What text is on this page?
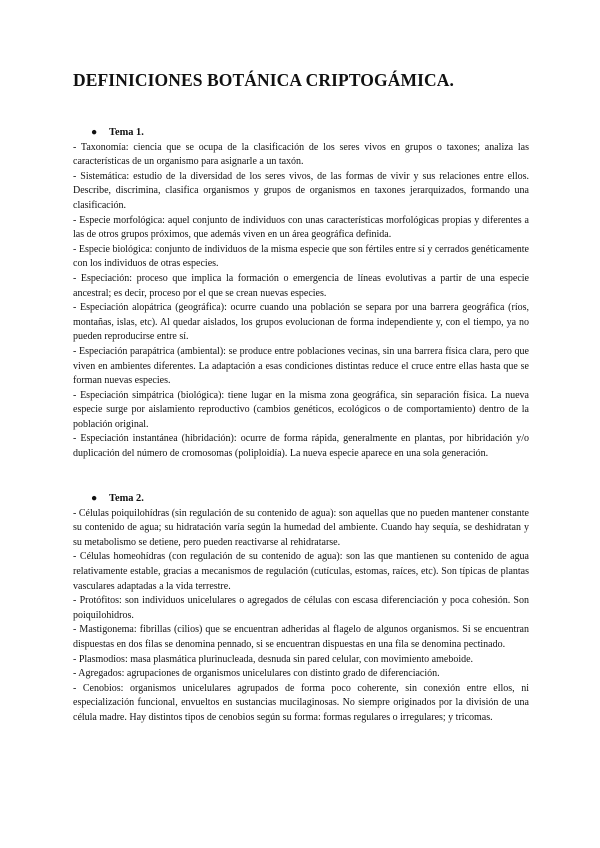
DEFINICIONES BOTÁNICA CRIPTOGÁMICA.
● Tema 1.
- Taxonomía: ciencia que se ocupa de la clasificación de los seres vivos en grupos o taxones; analiza las características de un organismo para asignarle a un taxón.
- Sistemática: estudio de la diversidad de los seres vivos, de las formas de vivir y sus relaciones entre ellos. Describe, discrimina, clasifica organismos y grupos de organismos en taxones jerarquizados, formando una clasificación.
- Especie morfológica: aquel conjunto de individuos con unas características morfológicas propias y diferentes a las de otros grupos próximos, que además viven en un área geográfica definida.
- Especie biológica: conjunto de individuos de la misma especie que son fértiles entre sí y cerrados genéticamente con los individuos de otras especies.
- Especiación: proceso que implica la formación o emergencia de líneas evolutivas a partir de una especie ancestral; es decir, proceso por el que se crean nuevas especies.
- Especiación alopátrica (geográfica): ocurre cuando una población se separa por una barrera geográfica (ríos, montañas, islas, etc). Al quedar aislados, los grupos evolucionan de forma independiente y, con el tiempo, ya no pueden reproducirse entre sí.
- Especiación parapátrica (ambiental): se produce entre poblaciones vecinas, sin una barrera física clara, pero que viven en ambientes diferentes. La adaptación a esas condiciones distintas reduce el cruce entre ellas hasta que se forman nuevas especies.
- Especiación simpátrica (biológica): tiene lugar en la misma zona geográfica, sin separación física. La nueva especie surge por aislamiento reproductivo (cambios genéticos, ecológicos o de comportamiento) dentro de la población original.
- Especiación instantánea (hibridación): ocurre de forma rápida, generalmente en plantas, por hibridación y/o duplicación del número de cromosomas (poliploidía). La nueva especie aparece en una sola generación.
● Tema 2.
- Células poiquilohídras (sin regulación de su contenido de agua): son aquellas que no pueden mantener constante su contenido de agua; su hidratación varía según la humedad del ambiente. Cuando hay sequía, se deshidratan y su metabolismo se detiene, pero pueden reactivarse al rehidratarse.
- Células homeohídras (con regulación de su contenido de agua): son las que mantienen su contenido de agua relativamente estable, gracias a mecanismos de regulación (cutículas, estomas, raíces, etc). Son típicas de plantas vasculares adaptadas a la vida terrestre.
- Protófitos: son individuos unicelulares o agregados de células con escasa diferenciación y poca cohesión. Son poiquilohidros.
- Mastigonema: fibrillas (cilios) que se encuentran adheridas al flagelo de algunos organismos. Si se encuentran dispuestas en dos filas se denomina pennado, si se encuentran dispuestas en una fila se denomina pectinado.
- Plasmodios: masa plasmática plurinucleada, desnuda sin pared celular, con movimiento ameboide.
- Agregados: agrupaciones de organismos unicelulares con distinto grado de diferenciación.
- Cenobios: organismos unicelulares agrupados de forma poco coherente, sin conexión entre ellos, ni especialización funcional, envueltos en sustancias mucilaginosas. No siempre originados por la división de una célula madre. Hay distintos tipos de cenobios según su forma: formas regulares o irregulares; y tricomas.
